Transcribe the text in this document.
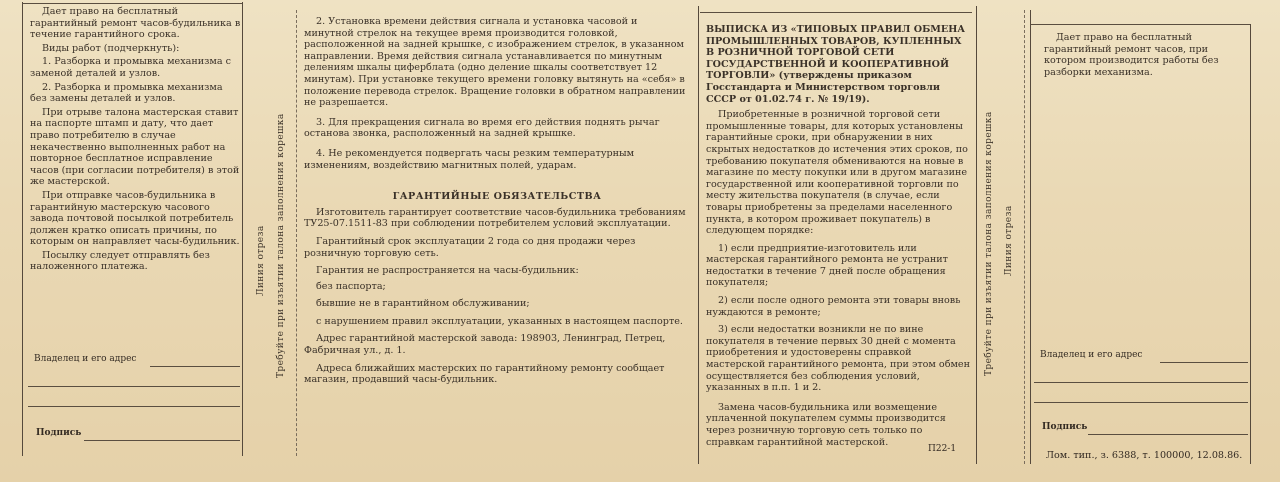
Дает право на бесплатный гарантийный ремонт часов-будильника в течение гарантийного срока.

Виды работ (подчеркнуть):

1. Разборка и промывка механизма с заменой деталей и узлов.

2. Разборка и промывка механизма без замены деталей и узлов.

При отрыве талона мастерская ставит на паспорте штамп и дату, что дает право потребителю в случае некачественно выполненных работ на повторное бесплатное исправление часов (при согласии потребителя) в этой же мастерской.

При отправке часов-будильника в гарантийную мастерскую часового завода почтовой посылкой потребитель должен кратко описать причины, по которым он направляет часы-будильник.

Посылку следует отправлять без наложенного платежа.

Владелец и его адрес
Подпись
Линия отреза Требуйте при изъятии талона заполнения корешка

2. Установка времени действия сигнала и установка часовой и минутной стрелок на текущее время производится головкой, расположенной на задней крышке, с изображением стрелок, в указанном направлении. Время действия сигнала устанавливается по минутным делениям шкалы циферблата (одно деление шкалы соответствует 12 минутам). При установке текущего времени головку вытянуть на «себя» в положение перевода стрелок. Вращение головки в обратном направлении не разрешается.

3. Для прекращения сигнала во время его действия поднять рычаг останова звонка, расположенный на задней крышке.

4. Не рекомендуется подвергать часы резким температурным изменениям, воздействию магнитных полей, ударам.

ГАРАНТИЙНЫЕ ОБЯЗАТЕЛЬСТВА

Изготовитель гарантирует соответствие часов-будильника требованиям ТУ25-07.1511-83 при соблюдении потребителем условий эксплуатации.

Гарантийный срок эксплуатации 2 года со дня продажи через розничную торговую сеть.

Гарантия не распространяется на часы-будильник:

без паспорта;

бывшие не в гарантийном обслуживании;

с нарушением правил эксплуатации, указанных в настоящем паспорте.

Адрес гарантийной мастерской завода: 198903, Ленинград, Петрец, Фабричная ул., д. 1.

Адреса ближайших мастерских по гарантийному ремонту сообщает магазин, продавший часы-будильник.

ВЫПИСКА ИЗ «ТИПОВЫХ ПРАВИЛ ОБМЕНА ПРОМЫШЛЕННЫХ ТОВАРОВ, КУПЛЕННЫХ В РОЗНИЧНОЙ ТОРГОВОЙ СЕТИ ГОСУДАРСТВЕННОЙ И КООПЕРАТИВНОЙ ТОРГОВЛИ» (утверждены приказом Госстандарта и Министерством торговли СССР от 01.02.74 г. № 19/19).

Приобретенные в розничной торговой сети промышленные товары, для которых установлены гарантийные сроки, при обнаружении в них скрытых недостатков до истечения этих сроков, по требованию покупателя обмениваются на новые в магазине по месту покупки или в другом магазине государственной или кооперативной торговли по месту жительства покупателя (в случае, если товары приобретены за пределами населенного пункта, в котором проживает покупатель) в следующем порядке:

1) если предприятие-изготовитель или мастерская гарантийного ремонта не устранит недостатки в течение 7 дней после обращения покупателя;

2) если после одного ремонта эти товары вновь нуждаются в ремонте;

3) если недостатки возникли не по вине покупателя в течение первых 30 дней с момента приобретения и удостоверены справкой мастерской гарантийного ремонта, при этом обмен осуществляется без соблюдения условий, указанных в п.п. 1 и 2.

Замена часов-будильника или возмещение уплаченной покупателем суммы производится через розничную торговую сеть только по справкам гарантийной мастерской.

П22-1
Требуйте при изъятии талона заполнения корешка Линия отреза

Дает право на бесплатный гарантийный ремонт часов, при котором производится работы без разборки механизма.

Владелец и его адрес
Подпись
Лом. тип., з. 6388, т. 100000, 12.08.86.
